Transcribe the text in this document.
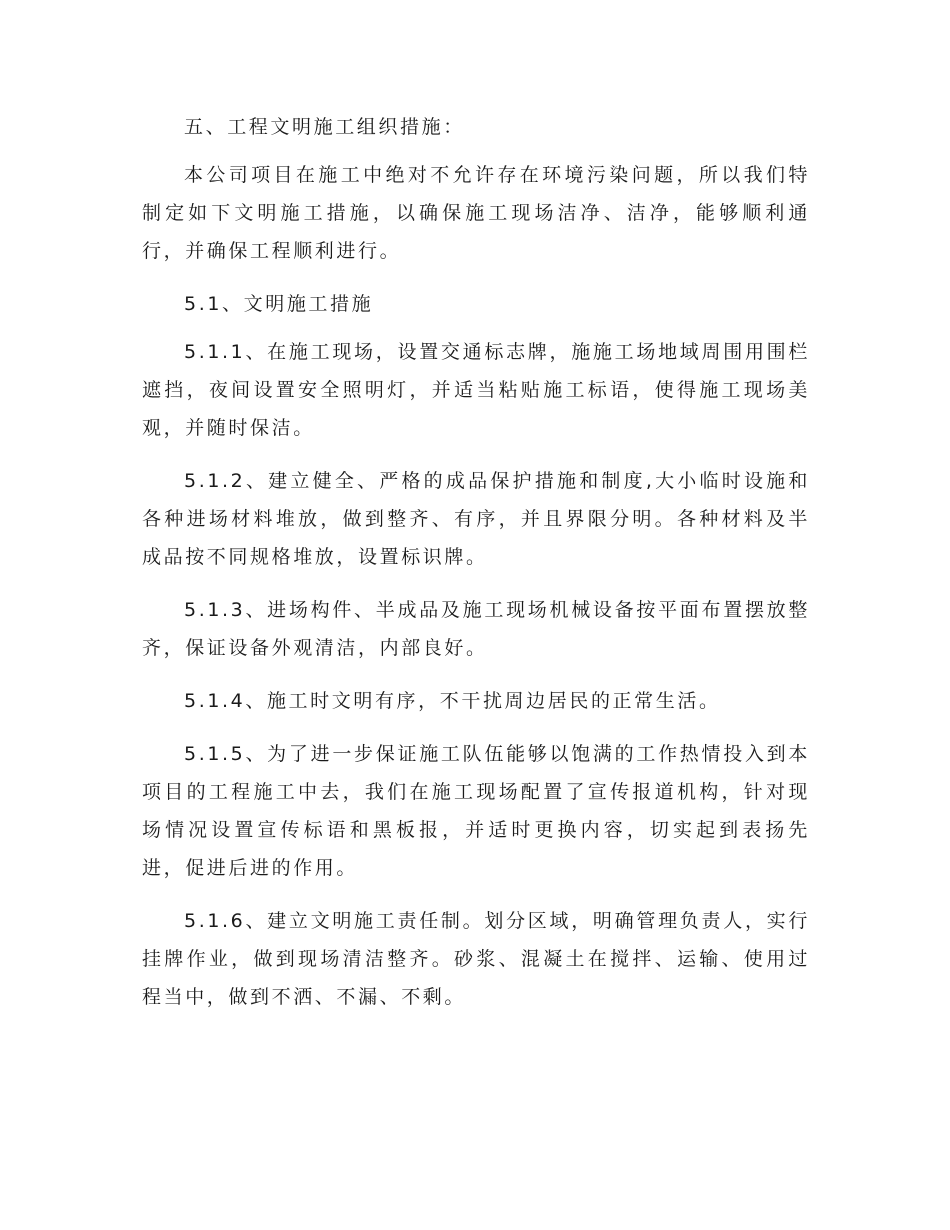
五、工程文明施工组织措施：

本公司项目在施工中绝对不允许存在环境污染问题，所以我们特制定如下文明施工措施，以确保施工现场洁净、洁净，能够顺利通行，并确保工程顺利进行。

5.1、文明施工措施

5.1.1、在施工现场，设置交通标志牌，施施工场地域周围用围栏遮挡，夜间设置安全照明灯，并适当粘贴施工标语，使得施工现场美观，并随时保洁。

5.1.2、建立健全、严格的成品保护措施和制度,大小临时设施和各种进场材料堆放，做到整齐、有序，并且界限分明。各种材料及半成品按不同规格堆放，设置标识牌。

5.1.3、进场构件、半成品及施工现场机械设备按平面布置摆放整齐，保证设备外观清洁，内部良好。

5.1.4、施工时文明有序，不干扰周边居民的正常生活。

5.1.5、为了进一步保证施工队伍能够以饱满的工作热情投入到本项目的工程施工中去，我们在施工现场配置了宣传报道机构，针对现场情况设置宣传标语和黑板报，并适时更换内容，切实起到表扬先进，促进后进的作用。

5.1.6、建立文明施工责任制。划分区域，明确管理负责人，实行挂牌作业，做到现场清洁整齐。砂浆、混凝土在搅拌、运输、使用过程当中，做到不洒、不漏、不剩。
